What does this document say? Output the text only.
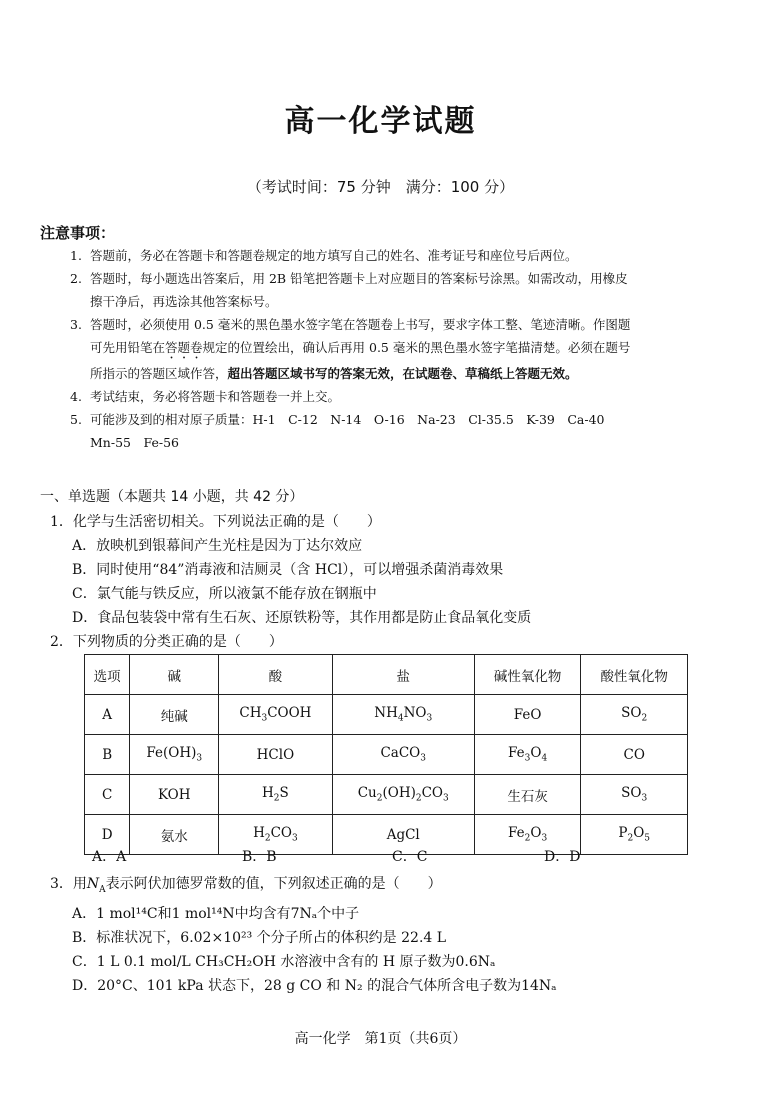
高一化学试题
（考试时间：75 分钟　满分：100 分）
注意事项：
1. 答题前，务必在答题卡和答题卷规定的地方填写自己的姓名、准考证号和座位号后两位。
2. 答题时，每小题选出答案后，用 2B 铅笔把答题卡上对应题目的答案标号涂黑。如需改动，用橡皮
擦干净后，再选涂其他答案标号。
3. 答题时，必须使用 0.5 毫米的黑色墨水签字笔在答题卷上书写，要求字体工整、笔迹清晰。作图题
可先用铅笔在答题卷规定的位置绘出，确认后再用 0.5 毫米的黑色墨水签字笔描清楚。必须在题号
所指示的答题区域作答，超出答题区域书写的答案无效，在试题卷、草稿纸上答题无效。
4. 考试结束，务必将答题卡和答题卷一并上交。
5. 可能涉及到的相对原子质量：H-1　C-12　N-14　O-16　Na-23　Cl-35.5　K-39　Ca-40
Mn-55　Fe-56
一、单选题（本题共 14 小题，共 42 分）
1．化学与生活密切相关。下列说法正确的是（　　）
A．放映机到银幕间产生光柱是因为丁达尔效应
B．同时使用“84”消毒液和洁厕灵（含 HCl），可以增强杀菌消毒效果
C．氯气能与铁反应，所以液氯不能存放在钢瓶中
D．食品包装袋中常有生石灰、还原铁粉等，其作用都是防止食品氧化变质
2．下列物质的分类正确的是（　　）
选项	碱	酸	盐	碱性氧化物	酸性氧化物
A	纯碱	$CH_3COOH$	$NH_4NO_3$	FeO	$SO_2$
B	$Fe(OH)_3$	HClO	CaCO$_3$	$Fe_3O_4$	CO
C	KOH	$H_2S$	$Cu_2(OH)_2CO_3$	生石灰	$SO_3$
D	氨水	$H_2CO_3$	AgCl	$Fe_2O_3$	$P_2O_5$
A．A	B．B	C．C	D．D
3．用$N_A$表示阿伏加德罗常数的值，下列叙述正确的是（　　）
A．1 mol¹⁴C和1 mol¹⁴N中均含有7Nₐ个中子
B．标准状况下，6.02×10²³ 个分子所占的体积约是 22.4 L
C．1 L 0.1 mol/L CH₃CH₂OH 水溶液中含有的 H 原子数为0.6Nₐ
D．20°C、101 kPa 状态下，28 g CO 和 N₂ 的混合气体所含电子数为14Nₐ
高一化学　第1页（共6页）
